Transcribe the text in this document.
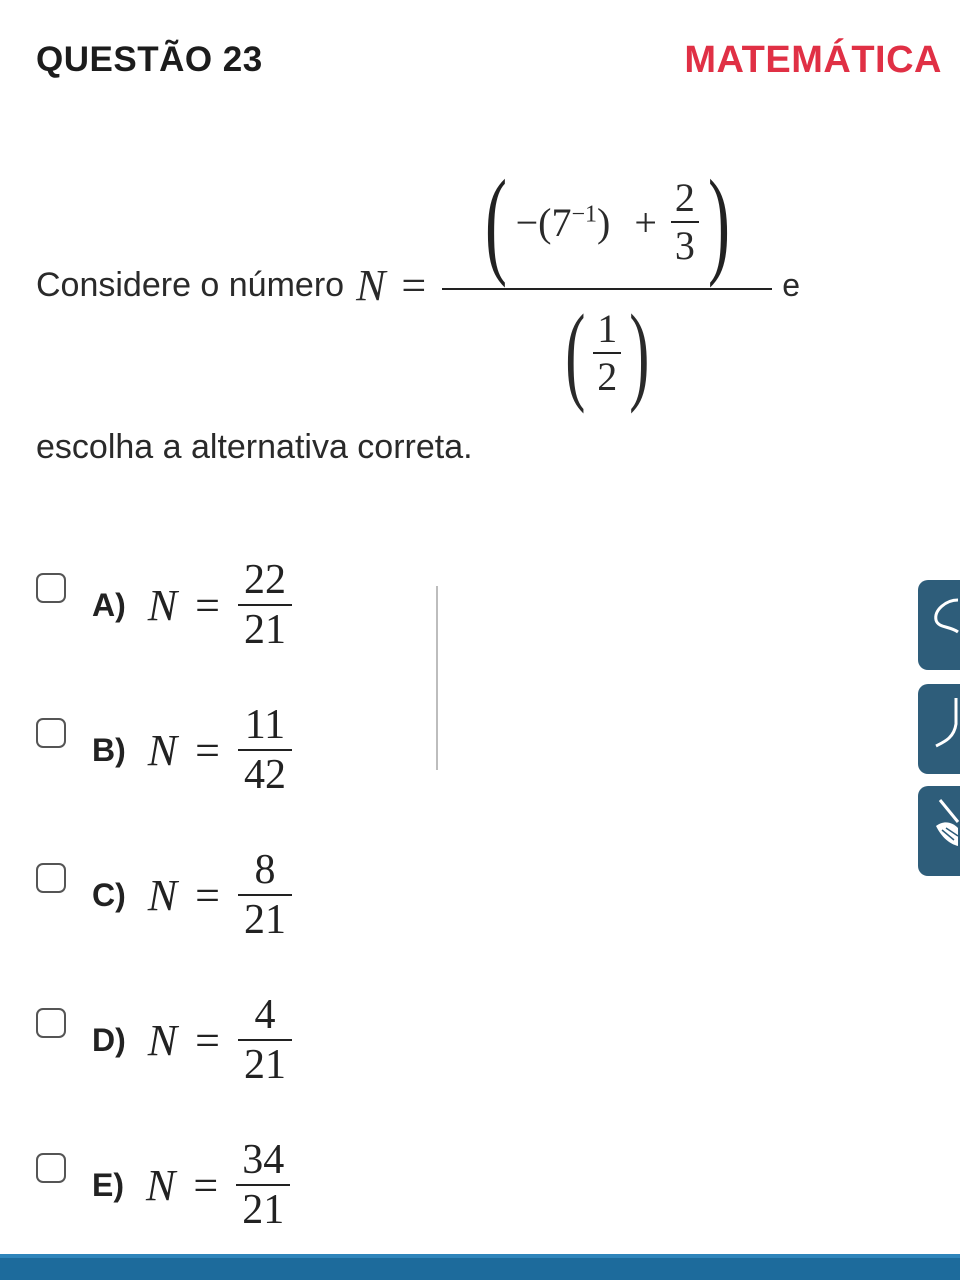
QUESTÃO 23	MATEMÁTICA
Considere o número N = ( $-(7^{-1}) + \frac{2}{3}$ )
( $\frac{1}{2}$ )
e
escolha a alternativa correta.
A) $N = \frac{22}{21}$
B) $N = \frac{11}{42}$
C) $N = \frac{8}{21}$
D) $N = \frac{4}{21}$
E) $N = \frac{34}{21}$
